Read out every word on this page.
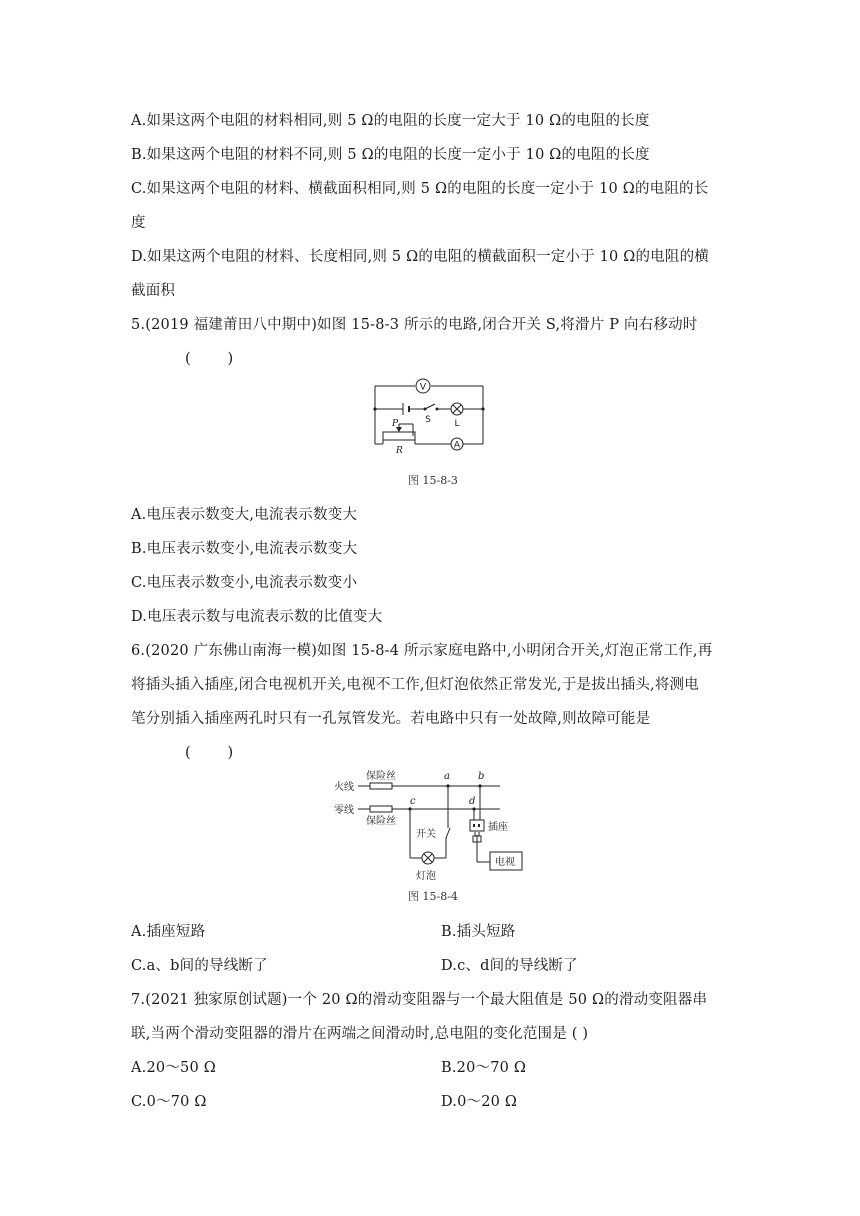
A.如果这两个电阻的材料相同,则 5 Ω的电阻的长度一定大于 10 Ω的电阻的长度
B.如果这两个电阻的材料不同,则 5 Ω的电阻的长度一定小于 10 Ω的电阻的长度
C.如果这两个电阻的材料、横截面积相同,则 5 Ω的电阻的长度一定小于 10 Ω的电阻的长
度
D.如果这两个电阻的材料、长度相同,则 5 Ω的电阻的横截面积一定小于 10 Ω的电阻的横
截面积
5.(2019 福建莆田八中期中)如图 15-8-3 所示的电路,闭合开关 S,将滑片 P 向右移动时
(        )
V
A
S	L
P
R
图 15-8-3
A.电压表示数变大,电流表示数变大
B.电压表示数变小,电流表示数变大
C.电压表示数变小,电流表示数变小
D.电压表示数与电流表示数的比值变大
6.(2020 广东佛山南海一模)如图 15-8-4 所示家庭电路中,小明闭合开关,灯泡正常工作,再
将插头插入插座,闭合电视机开关,电视不工作,但灯泡依然正常发光,于是拔出插头,将测电
笔分别插入插座两孔时只有一孔氖管发光。若电路中只有一处故障,则故障可能是
(        )
火线
零线
保险丝
保险丝
开关
灯泡
插座
电视
a	b
c	d
图 15-8-4
A.插座短路	B.插头短路
C.a、b间的导线断了	D.c、d间的导线断了
7.(2021 独家原创试题)一个 20 Ω的滑动变阻器与一个最大阻值是 50 Ω的滑动变阻器串
联,当两个滑动变阻器的滑片在两端之间滑动时,总电阻的变化范围是 ( )
A.20～50 Ω	B.20～70 Ω
C.0～70 Ω	D.0～20 Ω
